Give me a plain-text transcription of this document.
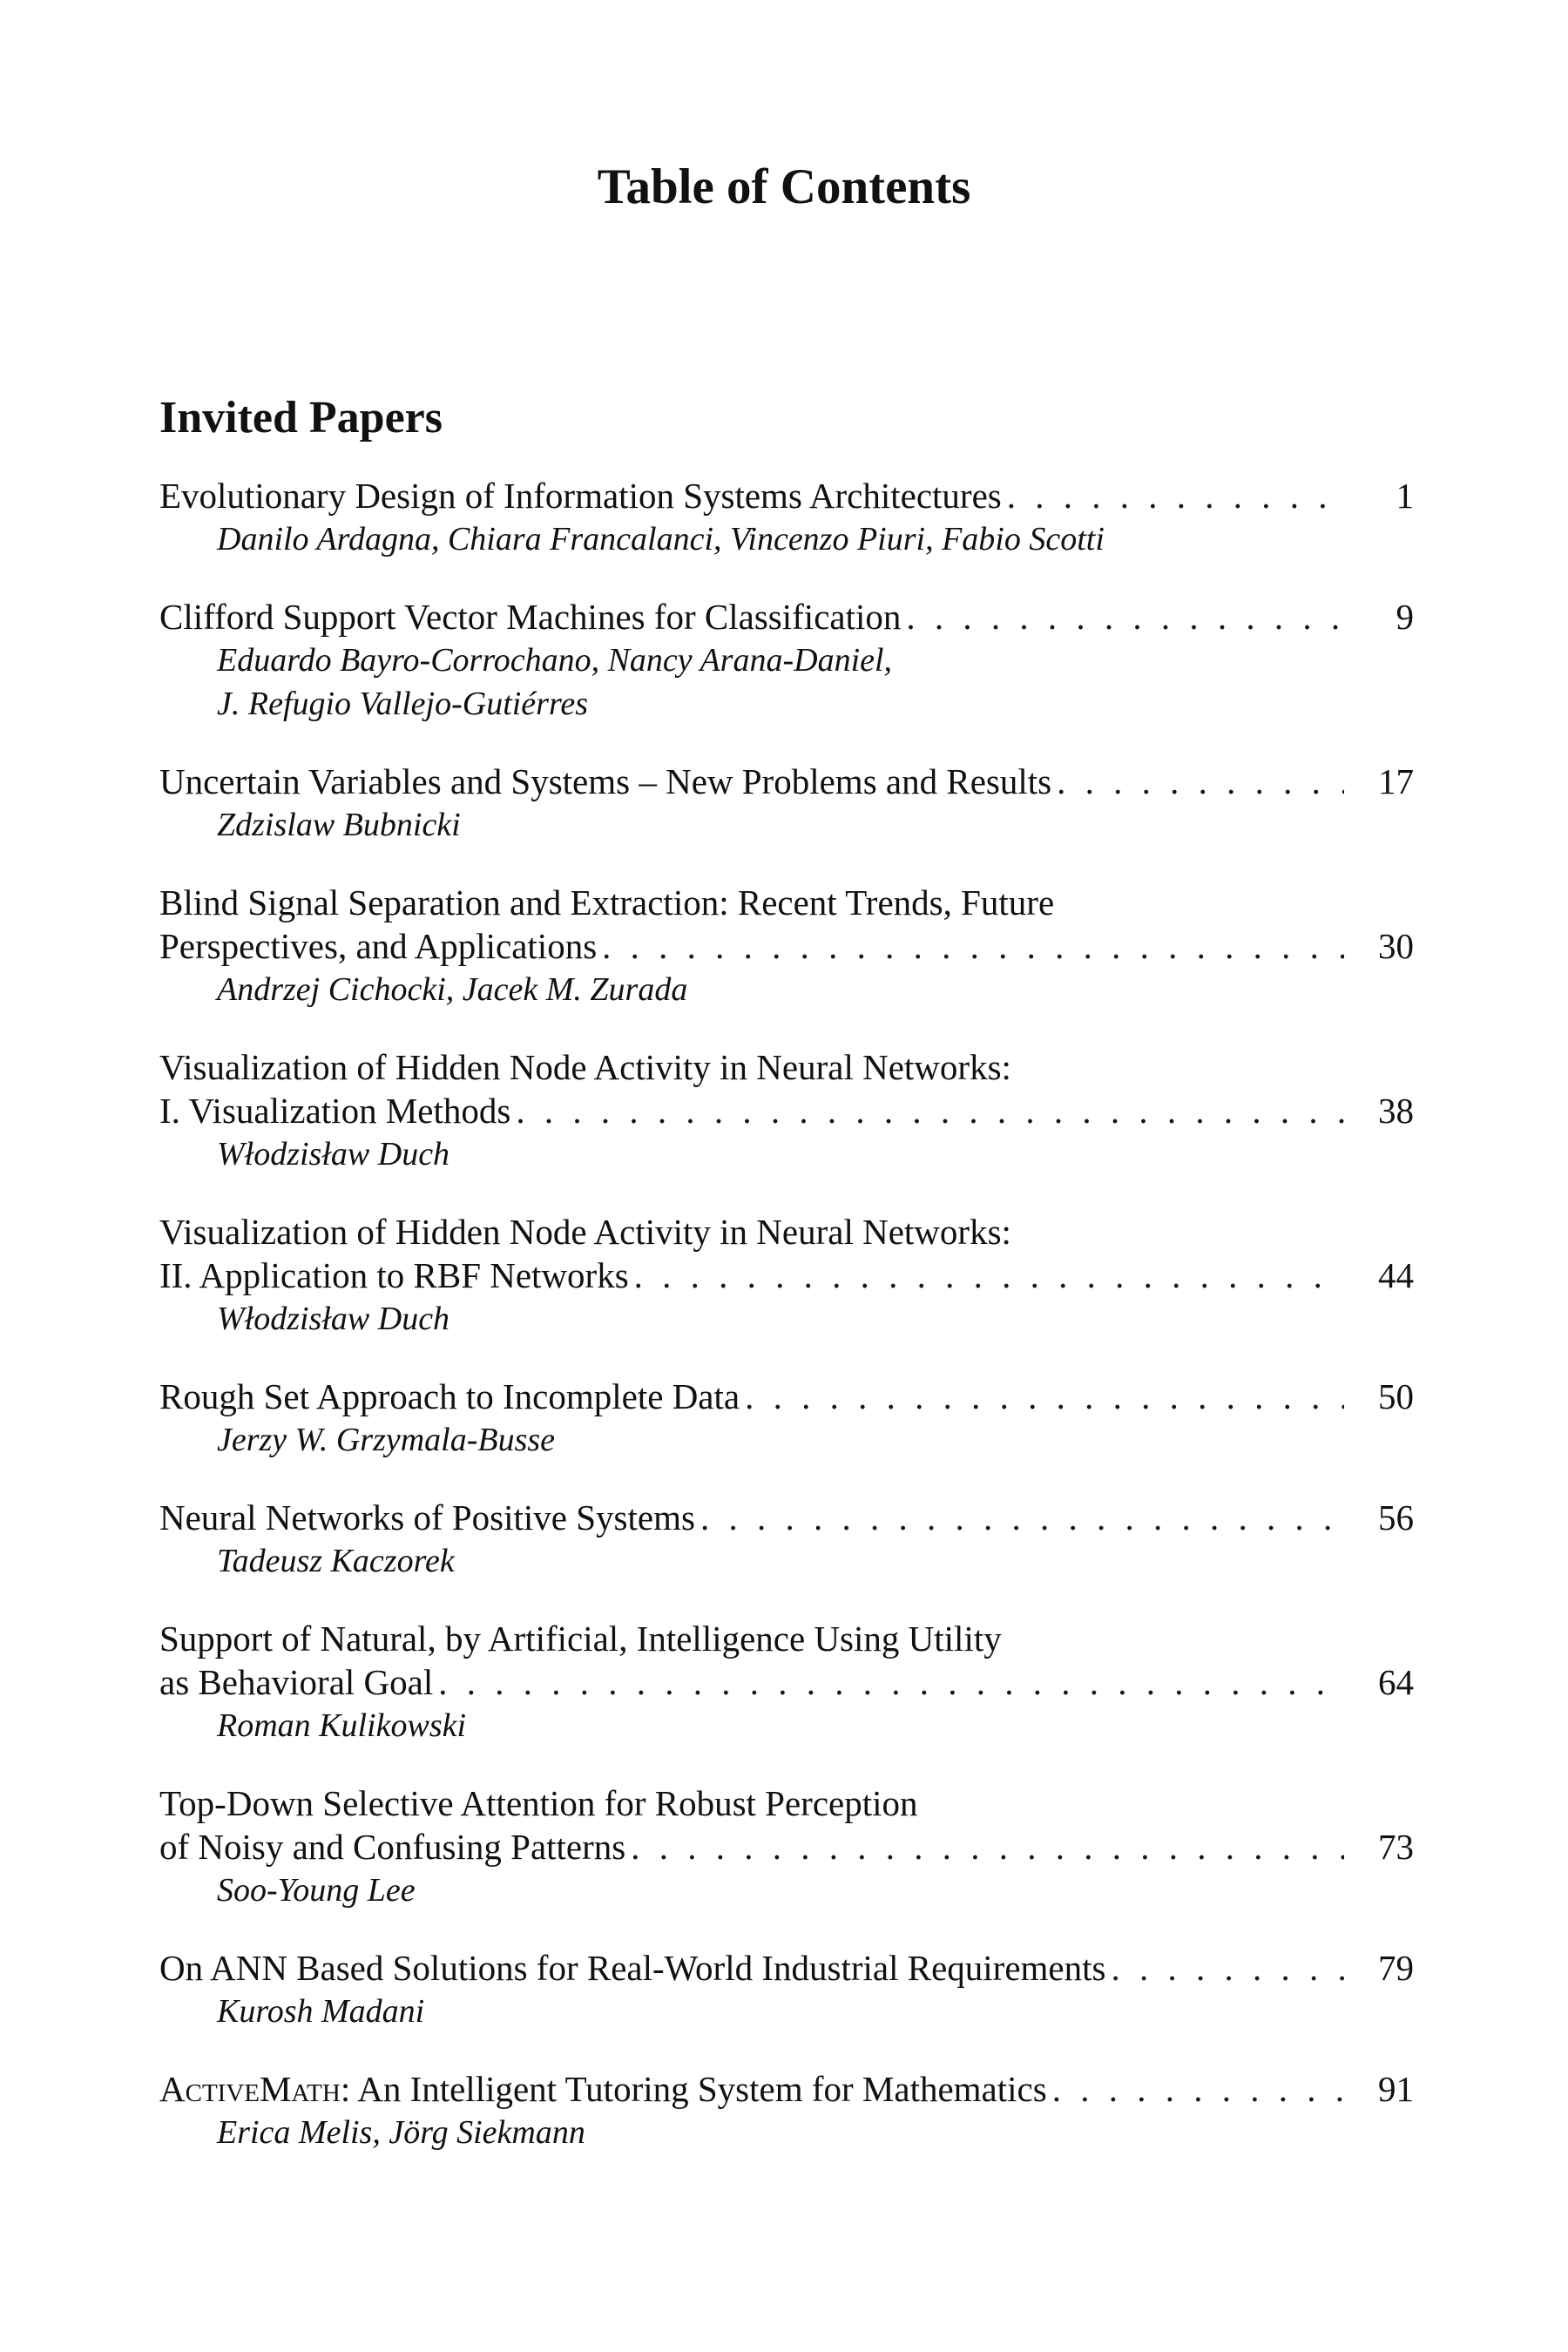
Table of Contents
Invited Papers
Evolutionary Design of Information Systems Architectures . . .	1
Danilo Ardagna, Chiara Francalanci, Vincenzo Piuri, Fabio Scotti
Clifford Support Vector Machines for Classification . . .	9
Eduardo Bayro-Corrochano, Nancy Arana-Daniel,
J. Refugio Vallejo-Gutiérres
Uncertain Variables and Systems – New Problems and Results . . .	17
Zdzislaw Bubnicki
Blind Signal Separation and Extraction: Recent Trends, Future
Perspectives, and Applications . . .	30
Andrzej Cichocki, Jacek M. Zurada
Visualization of Hidden Node Activity in Neural Networks:
I. Visualization Methods . . .	38
Włodzisław Duch
Visualization of Hidden Node Activity in Neural Networks:
II. Application to RBF Networks . . .	44
Włodzisław Duch
Rough Set Approach to Incomplete Data . . .	50
Jerzy W. Grzymala-Busse
Neural Networks of Positive Systems . . .	56
Tadeusz Kaczorek
Support of Natural, by Artificial, Intelligence Using Utility
as Behavioral Goal . . .	64
Roman Kulikowski
Top-Down Selective Attention for Robust Perception
of Noisy and Confusing Patterns . . .	73
Soo-Young Lee
On ANN Based Solutions for Real-World Industrial Requirements . . .	79
Kurosh Madani
ActiveMath: An Intelligent Tutoring System for Mathematics . . .	91
Erica Melis, Jörg Siekmann
